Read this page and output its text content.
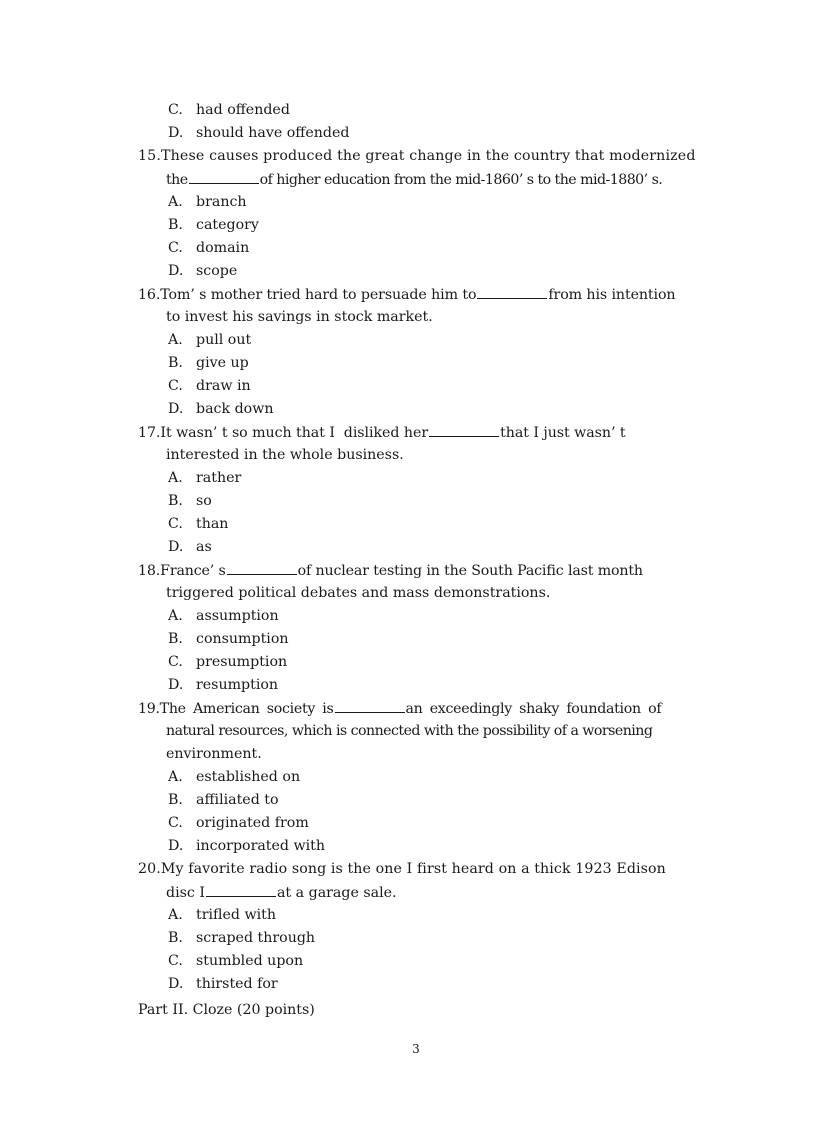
C. had offended
D. should have offended
15.These causes produced the great change in the country that modernized
the	of higher education from the mid-1860’ s to the mid-1880’ s.
A. branch
B. category
C. domain
D. scope
16.Tom’ s mother tried hard to persuade him to	from his intention
to invest his savings in stock market.
A. pull out
B. give up
C. draw in
D. back down
17.It wasn’ t so much that I  disliked her	that I just wasn’ t
interested in the whole business.
A. rather
B. so
C. than
D. as
18.France’ s	of nuclear testing in the South Pacific last month
triggered political debates and mass demonstrations.
A. assumption
B. consumption
C. presumption
D. resumption
19.The American society is	an exceedingly shaky foundation of
natural resources, which is connected with the possibility of a worsening
environment.
A. established on
B. affiliated to
C. originated from
D. incorporated with
20.My favorite radio song is the one I first heard on a thick 1923 Edison
disc I	at a garage sale.
A. trifled with
B. scraped through
C. stumbled upon
D. thirsted for
Part II. Cloze (20 points)
3
